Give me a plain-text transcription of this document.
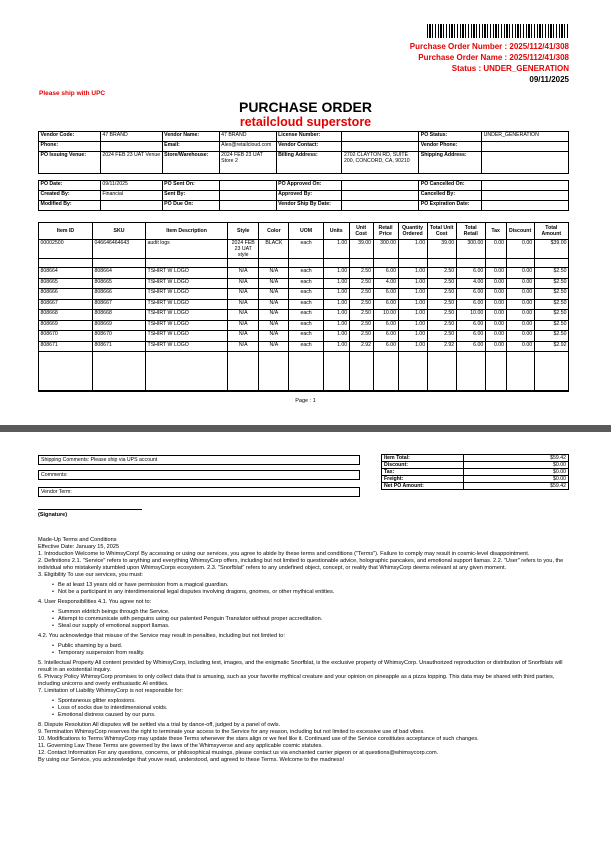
Purchase Order Number : 2025/112/41/308
Purchase Order Name : 2025/112/41/308
Status : UNDER_GENERATION
09/11/2025
Please ship with UPC
PURCHASE ORDER
retailcloud superstore
Vendor Code:	47 BRAND	Vendor Name:	47 BRAND	License Number:		PO Status:	UNDER_GENERATION
Phone:		Email:	Alex@retailcloud.com	Vendor Contact:		Vendor Phone:	
PO Issuing Venue:	2024 FEB 23 UAT Venue	Store/Warehouse:	2024 FEB 23 UAT Store 2	Billing Address:	2702 CLAYTON RD, SUITE 200, CONCORD, CA, 90210	Shipping Address:	

PO Date:	09/11/2025	PO Sent On:		PO Approved On:		PO Cancelled On:	
Created By:	Financial	Sent By:		Approved By:		Cancelled By:	
Modified By:		PO Due On:		Vendor Ship By Date:		PO Expiration Date:	
Item ID	SKU	Item Description	Style	Color	UOM	Units	Unit Cost	Retail Price	Quantity Ordered	Total Unit Cost	Total Retail	Tax	Discount	Total Amount
00002500	046646464643	audit logs	2024 FEB 23 UAT style	BLACK	each	1.00	39.00	300.00	1.00	39.00	300.00	0.00	0.00	$39.00

808664	808664	TSHIRT W LOGO	N/A	N/A	each	1.00	2.50	6.00	1.00	2.50	6.00	0.00	0.00	$2.50
808665	808665	TSHIRT W LOGO	N/A	N/A	each	1.00	2.50	4.00	1.00	2.50	4.00	0.00	0.00	$2.50
808666	808666	TSHIRT W LOGO	N/A	N/A	each	1.00	2.50	6.00	1.00	2.50	6.00	0.00	0.00	$2.50
808667	808667	TSHIRT W LOGO	N/A	N/A	each	1.00	2.50	6.00	1.00	2.50	6.00	0.00	0.00	$2.50
808668	808668	TSHIRT W LOGO	N/A	N/A	each	1.00	2.50	10.00	1.00	2.50	10.00	0.00	0.00	$2.50
808669	808669	TSHIRT W LOGO	N/A	N/A	each	1.00	2.50	6.00	1.00	2.50	6.00	0.00	0.00	$2.50
808670	808670	TSHIRT W LOGO	N/A	N/A	each	1.00	2.50	6.00	1.00	2.50	6.00	0.00	0.00	$2.50
808671	808671	TSHIRT W LOGO	N/A	N/A	each	1.00	2.92	6.00	1.00	2.92	6.00	0.00	0.00	$2.92

Page : 1
Shipping Comments: Please ship via UPS account
Comments:
Vendor Term:
Item Total:	$59.42
Discount:	$0.00
Tax:	$0.00
Freight:	$0.00
Net PO Amount:	$59.42
(Signature)

Made-Up Terms and Conditions

Effective Date: January 15, 2025

1. Introduction Welcome to WhimsyCorp! By accessing or using our services, you agree to abide by these terms and conditions ("Terms"). Failure to comply may result in cosmic-level disappointment.

2. Definitions 2.1. "Service" refers to anything and everything WhimsyCorp offers, including but not limited to questionable advice, holographic pancakes, and emotional support llamas. 2.2. "User" refers to you, the individual who mistakenly stumbled upon WhimsyCorps ecosystem. 2.3. "Snorfblat" refers to any undefined object, concept, or reality that WhimsyCorp deems relevant at any given moment.

3. Eligibility To use our services, you must:

• Be at least 13 years old or have permission from a magical guardian.
• Not be a participant in any interdimensional legal disputes involving dragons, gnomes, or other mythical entities.

4. User Responsibilities 4.1. You agree not to:

• Summon eldritch beings through the Service.
• Attempt to communicate with penguins using our patented Penguin Translator without proper accreditation.
• Steal our supply of emotional support llamas.

4.2. You acknowledge that misuse of the Service may result in penalties, including but not limited to:

• Public shaming by a bard.
• Temporary suspension from reality.

5. Intellectual Property All content provided by WhimsyCorp, including text, images, and the enigmatic Snorfblat, is the exclusive property of WhimsyCorp. Unauthorized reproduction or distribution of Snorfblats will result in an existential inquiry.

6. Privacy Policy WhimsyCorp promises to only collect data that is amusing, such as your favorite mythical creature and your opinion on pineapple as a pizza topping. This data may be shared with third parties, including unicorns and overly enthusiastic AI entities.

7. Limitation of Liability WhimsyCorp is not responsible for:

• Spontaneous glitter explosions.
• Loss of socks due to interdimensional voids.
• Emotional distress caused by our puns.

8. Dispute Resolution All disputes will be settled via a trial by dance-off, judged by a panel of owls.

9. Termination WhimsyCorp reserves the right to terminate your access to the Service for any reason, including but not limited to excessive use of bad vibes.

10. Modifications to Terms WhimsyCorp may update these Terms whenever the stars align or we feel like it. Continued use of the Service constitutes acceptance of such changes.

11. Governing Law These Terms are governed by the laws of the Whimsyverse and any applicable cosmic statutes.

12. Contact Information For any questions, concerns, or philosophical musings, please contact us via enchanted carrier pigeon or at questions@whimsycorp.com.

By using our Service, you acknowledge that youve read, understood, and agreed to these Terms. Welcome to the madness!
